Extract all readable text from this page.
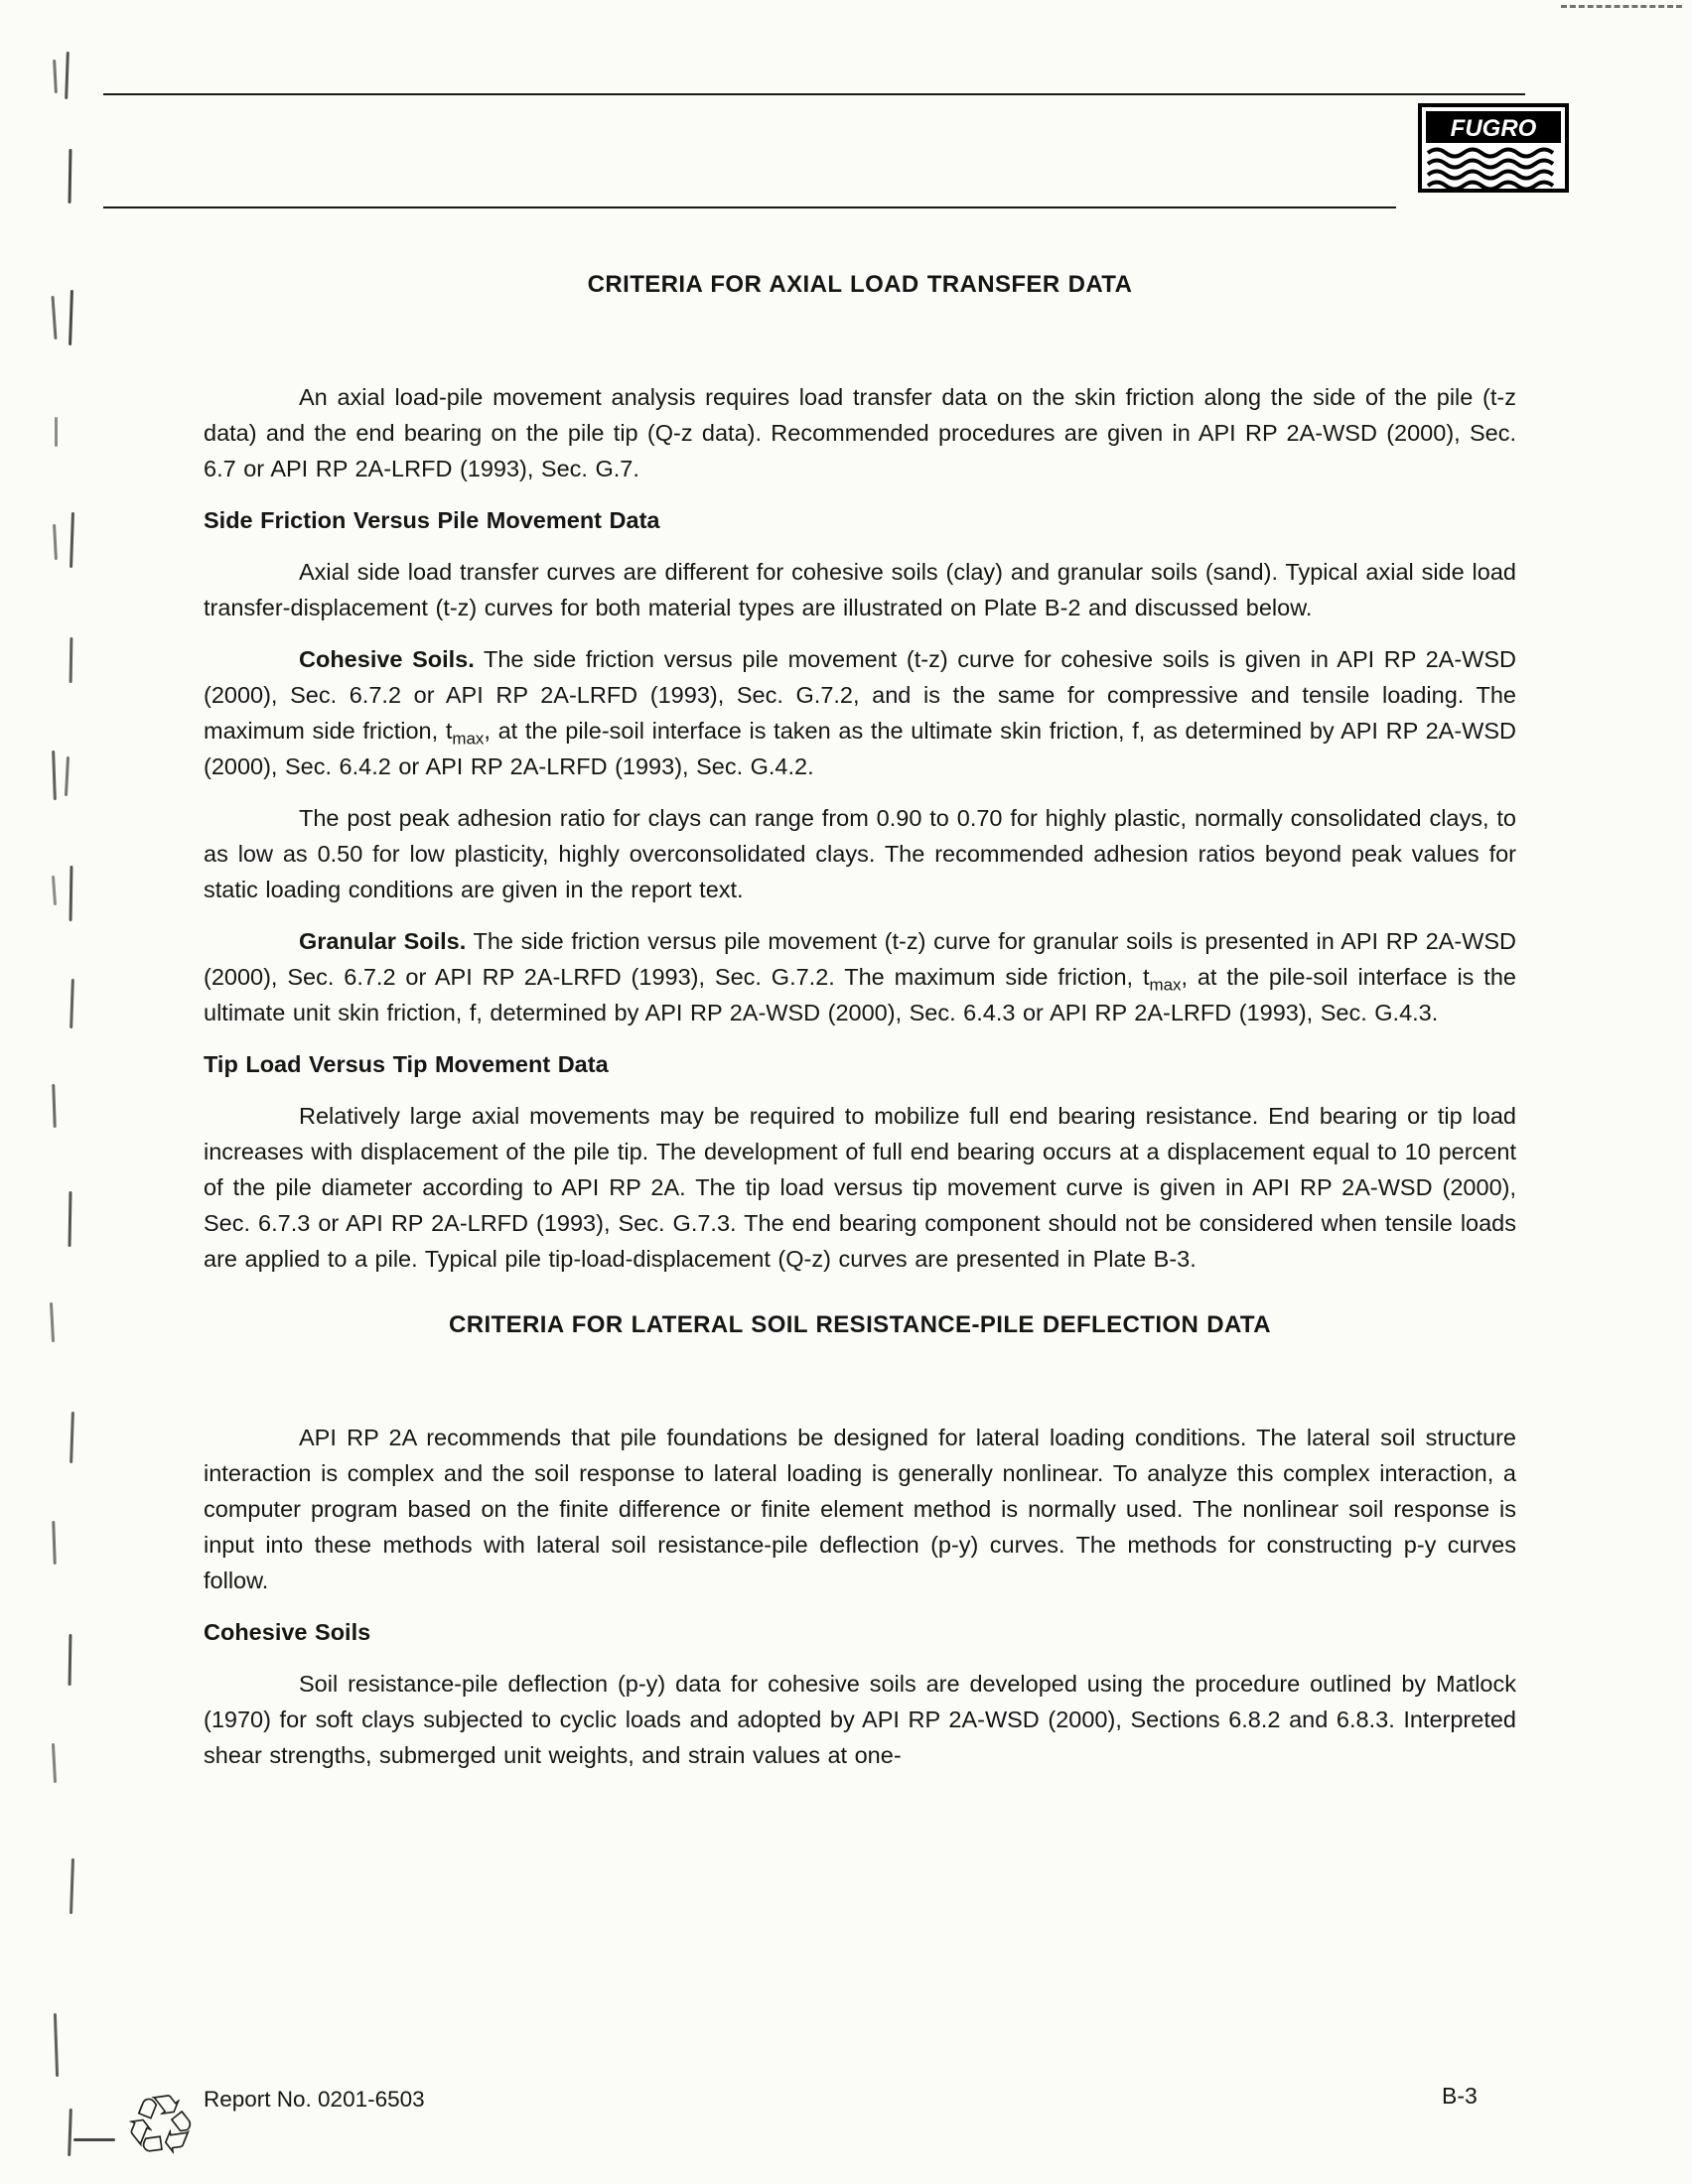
FUGRO
CRITERIA FOR AXIAL LOAD TRANSFER DATA

An axial load-pile movement analysis requires load transfer data on the skin friction along the side of the pile (t-z data) and the end bearing on the pile tip (Q-z data). Recommended procedures are given in API RP 2A-WSD (2000), Sec. 6.7 or API RP 2A-LRFD (1993), Sec. G.7.

Side Friction Versus Pile Movement Data

Axial side load transfer curves are different for cohesive soils (clay) and granular soils (sand). Typical axial side load transfer-displacement (t-z) curves for both material types are illustrated on Plate B-2 and discussed below.

Cohesive Soils. The side friction versus pile movement (t-z) curve for cohesive soils is given in API RP 2A-WSD (2000), Sec. 6.7.2 or API RP 2A-LRFD (1993), Sec. G.7.2, and is the same for compressive and tensile loading. The maximum side friction, $t_{max}$, at the pile-soil interface is taken as the ultimate skin friction, f, as determined by API RP 2A-WSD (2000), Sec. 6.4.2 or API RP 2A-LRFD (1993), Sec. G.4.2.

The post peak adhesion ratio for clays can range from 0.90 to 0.70 for highly plastic, normally consolidated clays, to as low as 0.50 for low plasticity, highly overconsolidated clays. The recommended adhesion ratios beyond peak values for static loading conditions are given in the report text.

Granular Soils. The side friction versus pile movement (t-z) curve for granular soils is presented in API RP 2A-WSD (2000), Sec. 6.7.2 or API RP 2A-LRFD (1993), Sec. G.7.2. The maximum side friction, $t_{max}$, at the pile-soil interface is the ultimate unit skin friction, f, determined by API RP 2A-WSD (2000), Sec. 6.4.3 or API RP 2A-LRFD (1993), Sec. G.4.3.

Tip Load Versus Tip Movement Data

Relatively large axial movements may be required to mobilize full end bearing resistance. End bearing or tip load increases with displacement of the pile tip. The development of full end bearing occurs at a displacement equal to 10 percent of the pile diameter according to API RP 2A. The tip load versus tip movement curve is given in API RP 2A-WSD (2000), Sec. 6.7.3 or API RP 2A-LRFD (1993), Sec. G.7.3. The end bearing component should not be considered when tensile loads are applied to a pile. Typical pile tip-load-displacement (Q-z) curves are presented in Plate B-3.

CRITERIA FOR LATERAL SOIL RESISTANCE-PILE DEFLECTION DATA

API RP 2A recommends that pile foundations be designed for lateral loading conditions. The lateral soil structure interaction is complex and the soil response to lateral loading is generally nonlinear. To analyze this complex interaction, a computer program based on the finite difference or finite element method is normally used. The nonlinear soil response is input into these methods with lateral soil resistance-pile deflection (p-y) curves. The methods for constructing p-y curves follow.

Cohesive Soils

Soil resistance-pile deflection (p-y) data for cohesive soils are developed using the procedure outlined by Matlock (1970) for soft clays subjected to cyclic loads and adopted by API RP 2A-WSD (2000), Sections 6.8.2 and 6.8.3. Interpreted shear strengths, submerged unit weights, and strain values at one-

Report No. 0201-6503	B-3
♲
